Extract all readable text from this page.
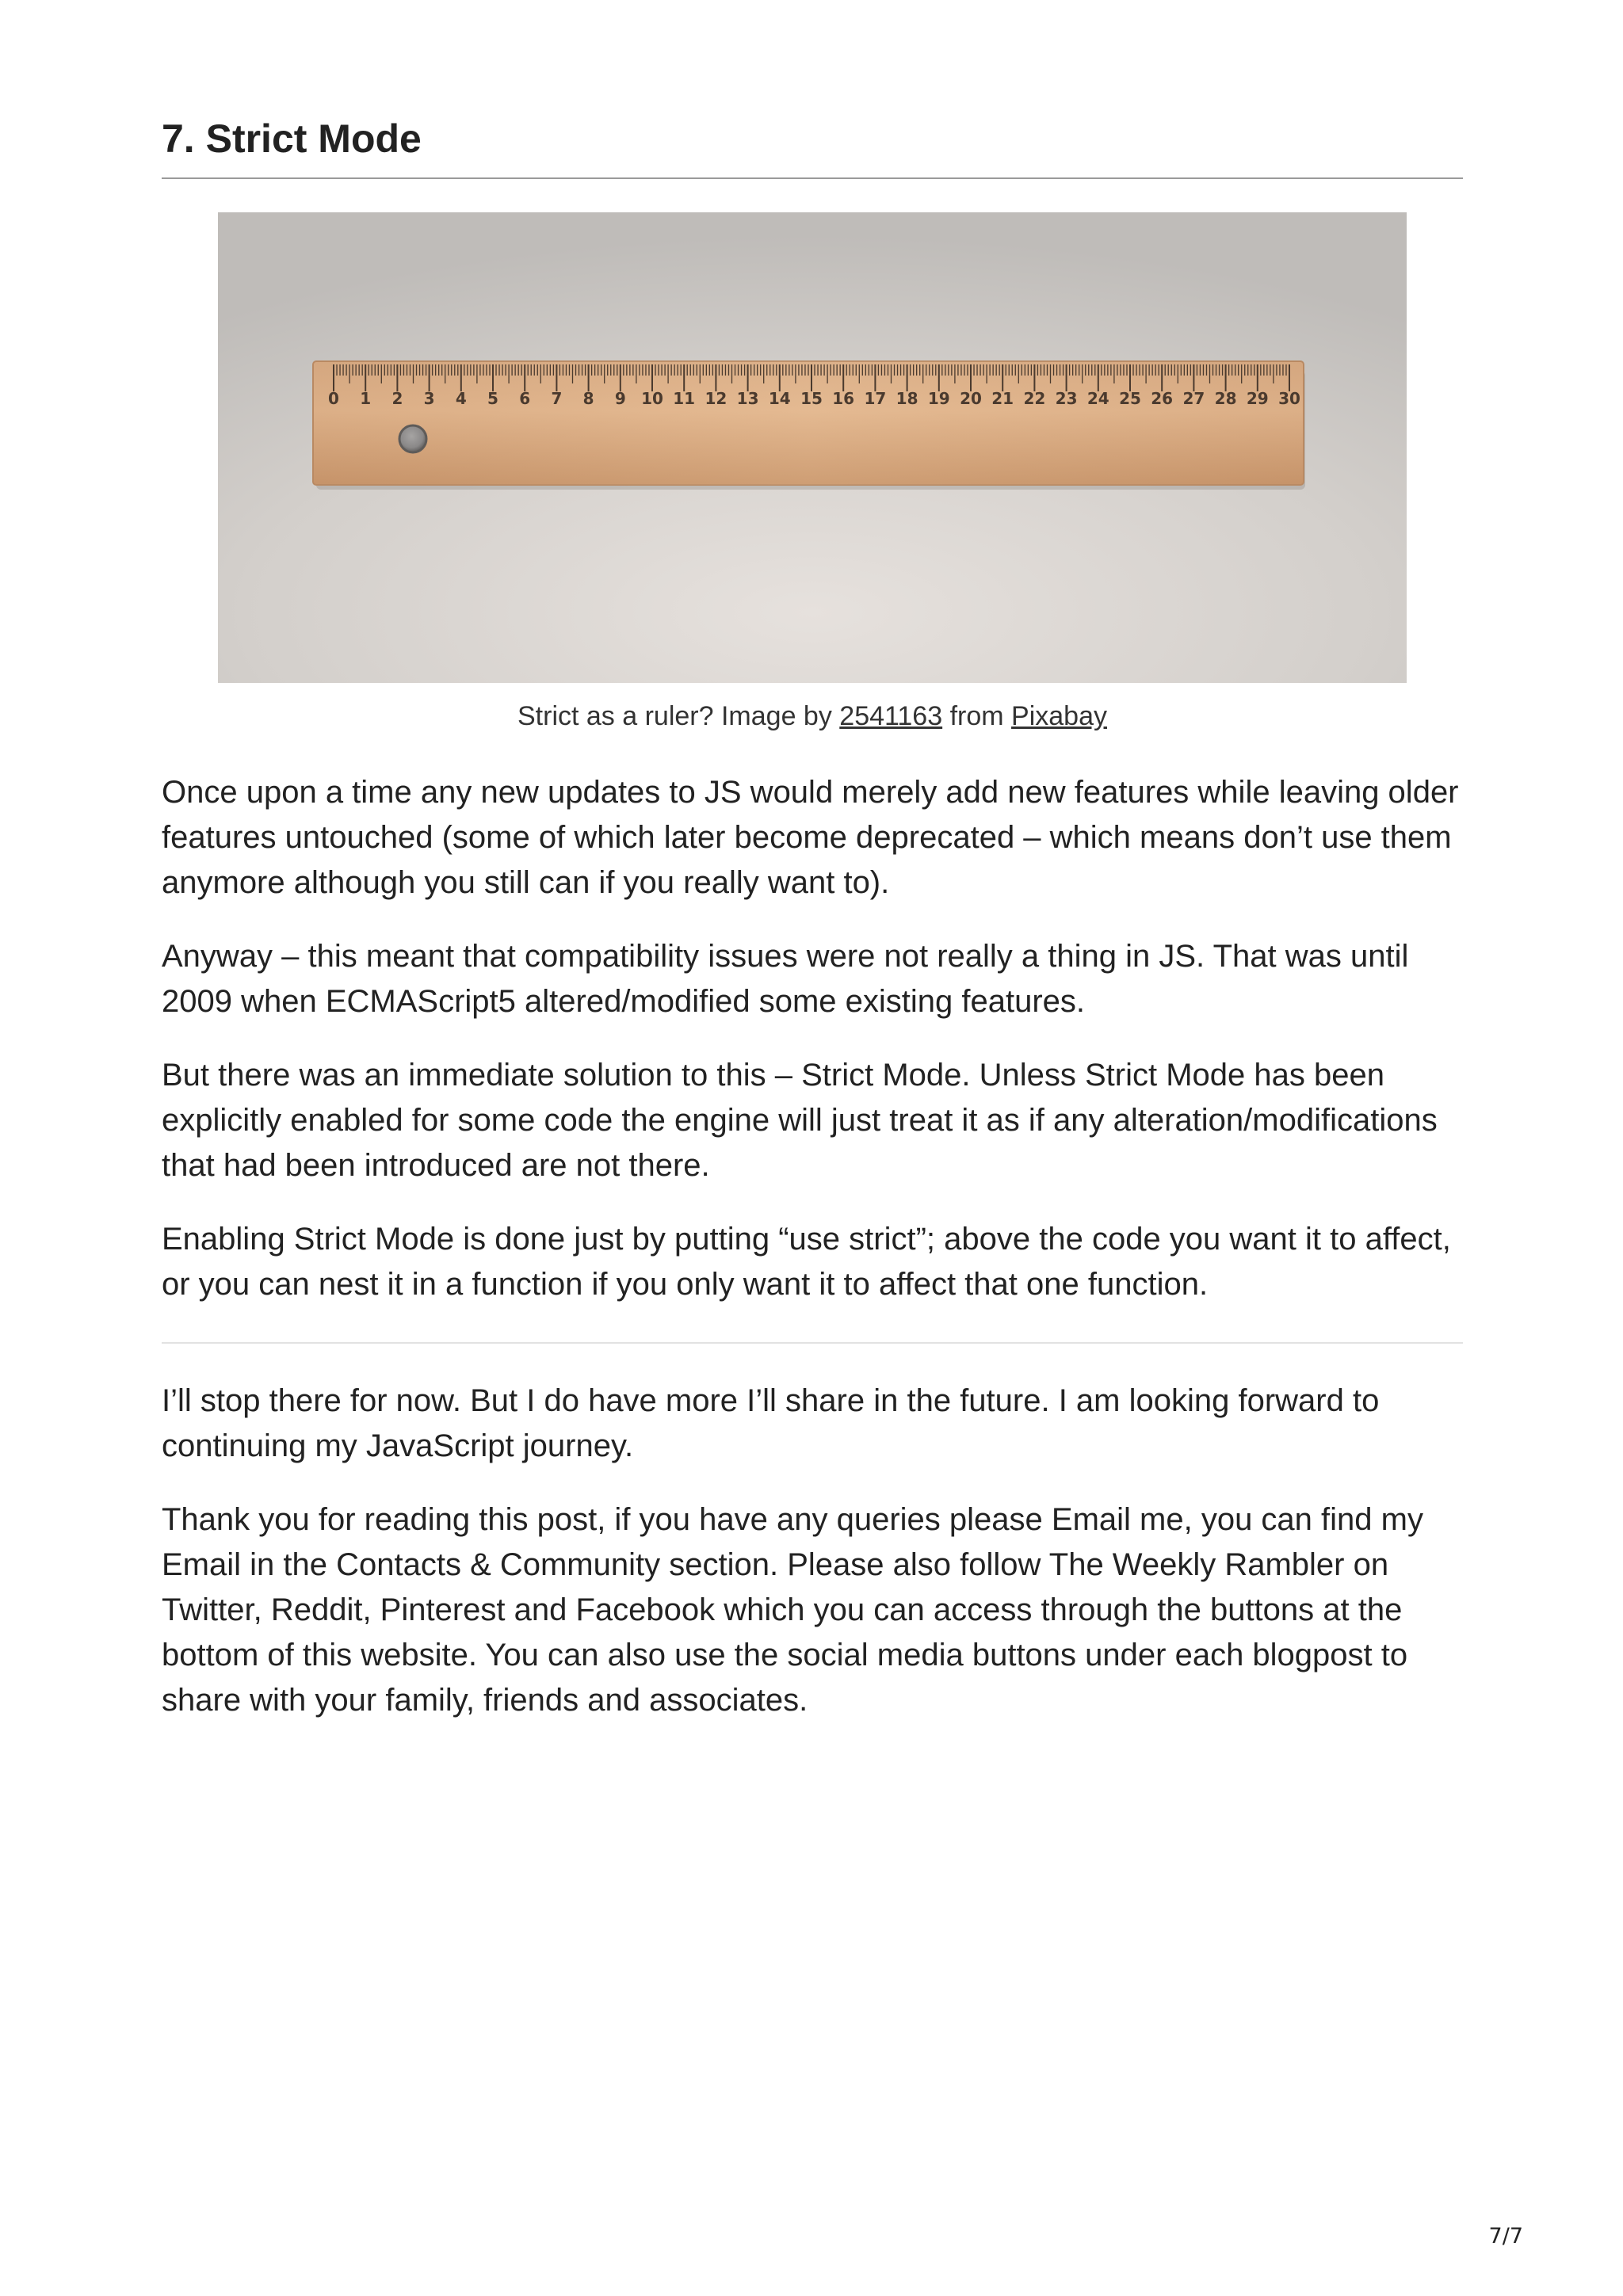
7. Strict Mode
0 1 2 3 4 5 6 7 8 9 10 11 12 13 14 15 16 17 18 19 20 21 22 23 24 25 26 27 28 29 30
Strict as a ruler? Image by 2541163 from Pixabay

Once upon a time any new updates to JS would merely add new features while leaving older features untouched (some of which later become deprecated – which means don’t use them anymore although you still can if you really want to).

Anyway – this meant that compatibility issues were not really a thing in JS. That was until 2009 when ECMAScript5 altered/modified some existing features.

But there was an immediate solution to this – Strict Mode. Unless Strict Mode has been explicitly enabled for some code the engine will just treat it as if any alteration/modifications that had been introduced are not there.

Enabling Strict Mode is done just by putting “use strict”; above the code you want it to affect, or you can nest it in a function if you only want it to affect that one function.

I’ll stop there for now. But I do have more I’ll share in the future. I am looking forward to continuing my JavaScript journey.

Thank you for reading this post, if you have any queries please Email me, you can find my Email in the Contacts & Community section. Please also follow The Weekly Rambler on Twitter, Reddit, Pinterest and Facebook which you can access through the buttons at the bottom of this website. You can also use the social media buttons under each blogpost to share with your family, friends and associates.

7/7
